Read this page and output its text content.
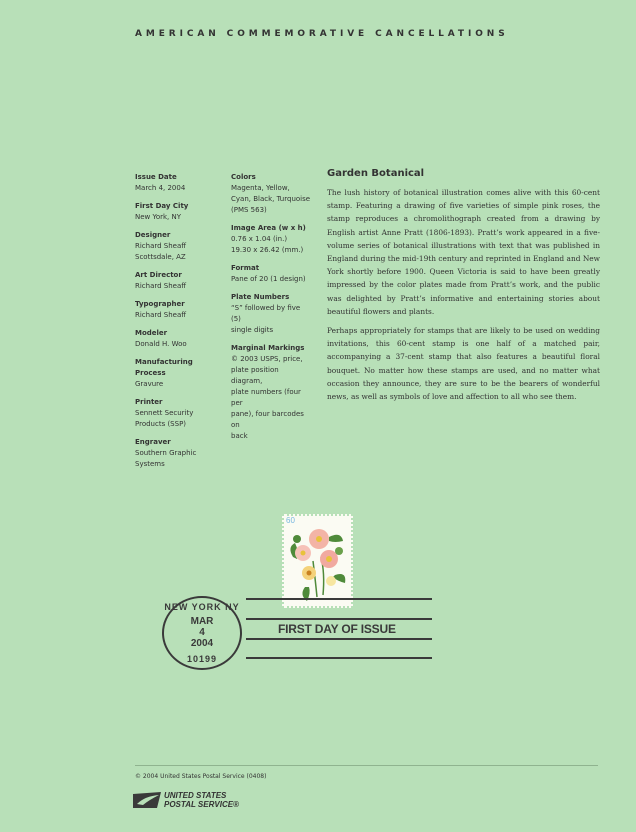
AMERICAN COMMEMORATIVE CANCELLATIONS
Issue Date
March 4, 2004
First Day City
New York, NY
Designer
Richard Sheaff
Scottsdale, AZ
Art Director
Richard Sheaff
Typographer
Richard Sheaff
Modeler
Donald H. Woo
Manufacturing Process
Gravure
Printer
Sennett Security
Products (SSP)
Engraver
Southern Graphic
Systems
Colors
Magenta, Yellow,
Cyan, Black, Turquoise
(PMS 563)
Image Area (w x h)
0.76 x 1.04 (in.)
19.30 x 26.42 (mm.)
Format
Pane of 20 (1 design)
Plate Numbers
“S” followed by five (5)
single digits
Marginal Markings
© 2003 USPS, price,
plate position diagram,
plate numbers (four per
pane), four barcodes on
back
Garden Botanical

The lush history of botanical illustration comes alive with this 60-cent stamp. Featuring a drawing of five varieties of simple pink roses, the stamp reproduces a chromolithograph created from a drawing by English artist Anne Pratt (1806-1893). Pratt’s work appeared in a five-volume series of botanical illustrations with text that was published in England during the mid-19th century and reprinted in England and New York shortly before 1900. Queen Victoria is said to have been greatly impressed by the color plates made from Pratt’s work, and the public was delighted by Pratt’s informative and entertaining stories about beautiful flowers and plants.

Perhaps appropriately for stamps that are likely to be used on wedding invitations, this 60-cent stamp is one half of a matched pair, accompanying a 37-cent stamp that also features a beautiful floral bouquet. No matter how these stamps are used, and no matter what occasion they announce, they are sure to be the bearers of wonderful news, as well as symbols of love and affection to all who see them.

60
FIRST DAY OF ISSUE
NEW YORK NY
MAR
4
2004
10199
© 2004 United States Postal Service (0408)
UNITED STATES
POSTAL SERVICE®
